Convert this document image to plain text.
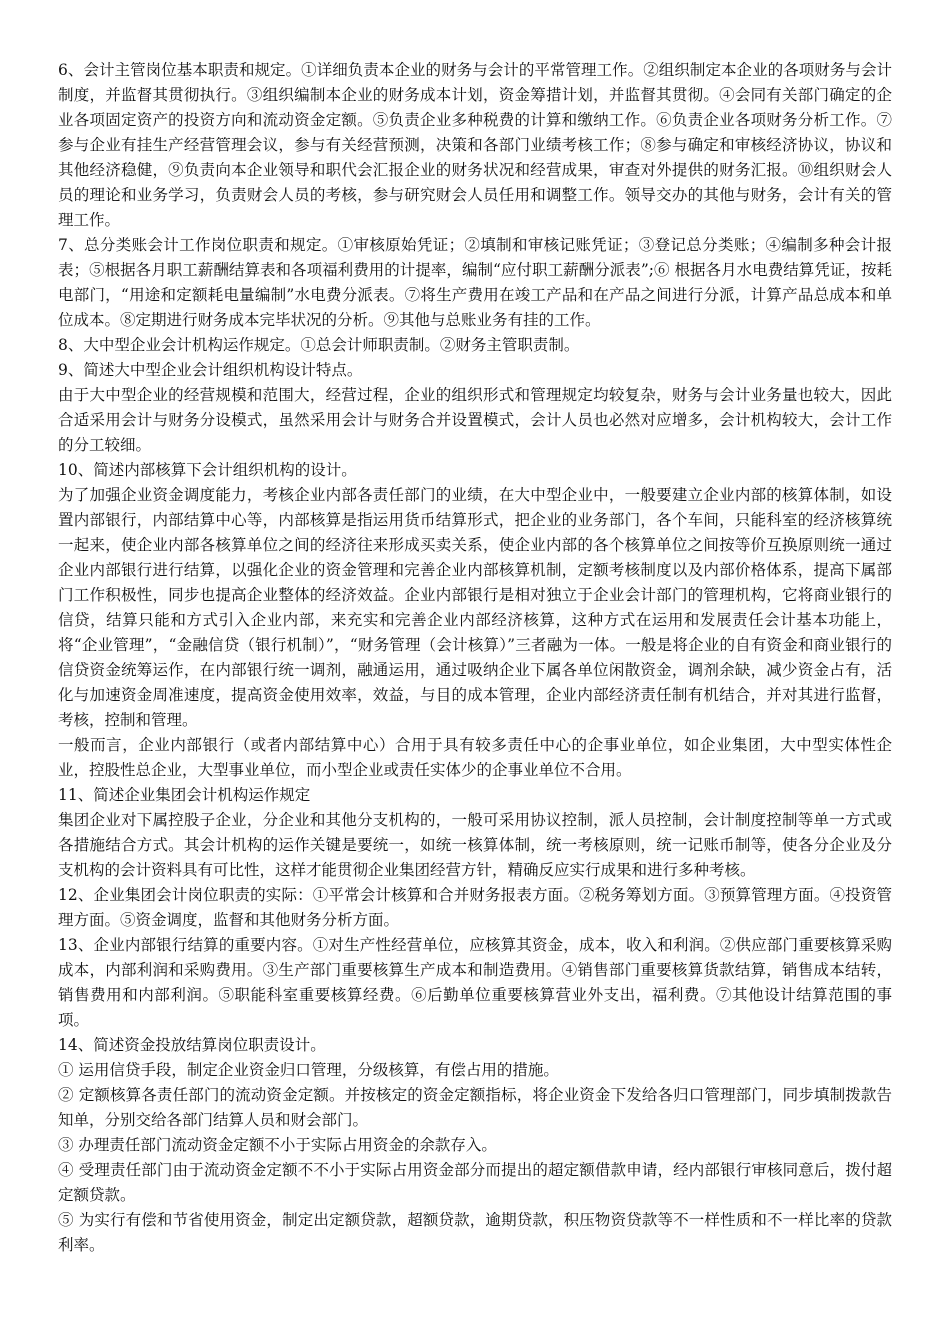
6、会计主管岗位基本职责和规定。①详细负责本企业的财务与会计的平常管理工作。②组织制定本企业的各项财务与会计制度，并监督其贯彻执行。③组织编制本企业的财务成本计划，资金筹措计划，并监督其贯彻。④会同有关部门确定的企业各项固定资产的投资方向和流动资金定额。⑤负责企业多种税费的计算和缴纳工作。⑥负责企业各项财务分析工作。⑦参与企业有挂生产经营管理会议，参与有关经营预测，决策和各部门业绩考核工作；⑧参与确定和审核经济协议，协议和其他经济稳健，⑨负责向本企业领导和职代会汇报企业的财务状况和经营成果，审查对外提供的财务汇报。⑩组织财会人员的理论和业务学习，负责财会人员的考核，参与研究财会人员任用和调整工作。领导交办的其他与财务，会计有关的管理工作。

7、总分类账会计工作岗位职责和规定。①审核原始凭证；②填制和审核记账凭证；③登记总分类账；④编制多种会计报表；⑤根据各月职工薪酬结算表和各项福利费用的计提率，编制“应付职工薪酬分派表”;⑥ 根据各月水电费结算凭证，按耗电部门，“用途和定额耗电量编制”水电费分派表。⑦将生产费用在竣工产品和在产品之间进行分派，计算产品总成本和单位成本。⑧定期进行财务成本完毕状况的分析。⑨其他与总账业务有挂的工作。

8、大中型企业会计机构运作规定。①总会计师职责制。②财务主管职责制。

9、简述大中型企业会计组织机构设计特点。

由于大中型企业的经营规模和范围大，经营过程，企业的组织形式和管理规定均较复杂，财务与会计业务量也较大，因此合适采用会计与财务分设模式，虽然采用会计与财务合并设置模式，会计人员也必然对应增多，会计机构较大，会计工作的分工较细。

10、简述内部核算下会计组织机构的设计。

为了加强企业资金调度能力，考核企业内部各责任部门的业绩，在大中型企业中，一般要建立企业内部的核算体制，如设置内部银行，内部结算中心等，内部核算是指运用货币结算形式，把企业的业务部门，各个车间，只能科室的经济核算统一起来，使企业内部各核算单位之间的经济往来形成买卖关系，使企业内部的各个核算单位之间按等价互换原则统一通过企业内部银行进行结算，以强化企业的资金管理和完善企业内部核算机制，定额考核制度以及内部价格体系，提高下属部门工作积极性，同步也提高企业整体的经济效益。企业内部银行是相对独立于企业会计部门的管理机构，它将商业银行的信贷，结算只能和方式引入企业内部，来充实和完善企业内部经济核算，这种方式在运用和发展责任会计基本功能上，将“企业管理”，“金融信贷（银行机制）”，“财务管理（会计核算）”三者融为一体。一般是将企业的自有资金和商业银行的信贷资金统筹运作，在内部银行统一调剂，融通运用，通过吸纳企业下属各单位闲散资金，调剂余缺，减少资金占有，活化与加速资金周准速度，提高资金使用效率，效益，与目的成本管理，企业内部经济责任制有机结合，并对其进行监督，考核，控制和管理。

一般而言，企业内部银行（或者内部结算中心）合用于具有较多责任中心的企事业单位，如企业集团，大中型实体性企业，控股性总企业，大型事业单位，而小型企业或责任实体少的企事业单位不合用。

11、简述企业集团会计机构运作规定

集团企业对下属控股子企业，分企业和其他分支机构的，一般可采用协议控制，派人员控制，会计制度控制等单一方式或各措施结合方式。其会计机构的运作关键是要统一，如统一核算体制，统一考核原则，统一记账币制等，使各分企业及分支机构的会计资料具有可比性，这样才能贯彻企业集团经营方针，精确反应实行成果和进行多种考核。

12、企业集团会计岗位职责的实际：①平常会计核算和合并财务报表方面。②税务筹划方面。③预算管理方面。④投资管理方面。⑤资金调度，监督和其他财务分析方面。

13、企业内部银行结算的重要内容。①对生产性经营单位，应核算其资金，成本，收入和利润。②供应部门重要核算采购成本，内部利润和采购费用。③生产部门重要核算生产成本和制造费用。④销售部门重要核算货款结算，销售成本结转，销售费用和内部利润。⑤职能科室重要核算经费。⑥后勤单位重要核算营业外支出，福利费。⑦其他设计结算范围的事项。

14、简述资金投放结算岗位职责设计。

① 运用信贷手段，制定企业资金归口管理，分级核算，有偿占用的措施。

② 定额核算各责任部门的流动资金定额。并按核定的资金定额指标，将企业资金下发给各归口管理部门，同步填制拨款告知单，分别交给各部门结算人员和财会部门。

③ 办理责任部门流动资金定额不小于实际占用资金的余款存入。

④ 受理责任部门由于流动资金定额不不小于实际占用资金部分而提出的超定额借款申请，经内部银行审核同意后，拨付超定额贷款。

⑤ 为实行有偿和节省使用资金，制定出定额贷款，超额贷款，逾期贷款，积压物资贷款等不一样性质和不一样比率的贷款利率。
